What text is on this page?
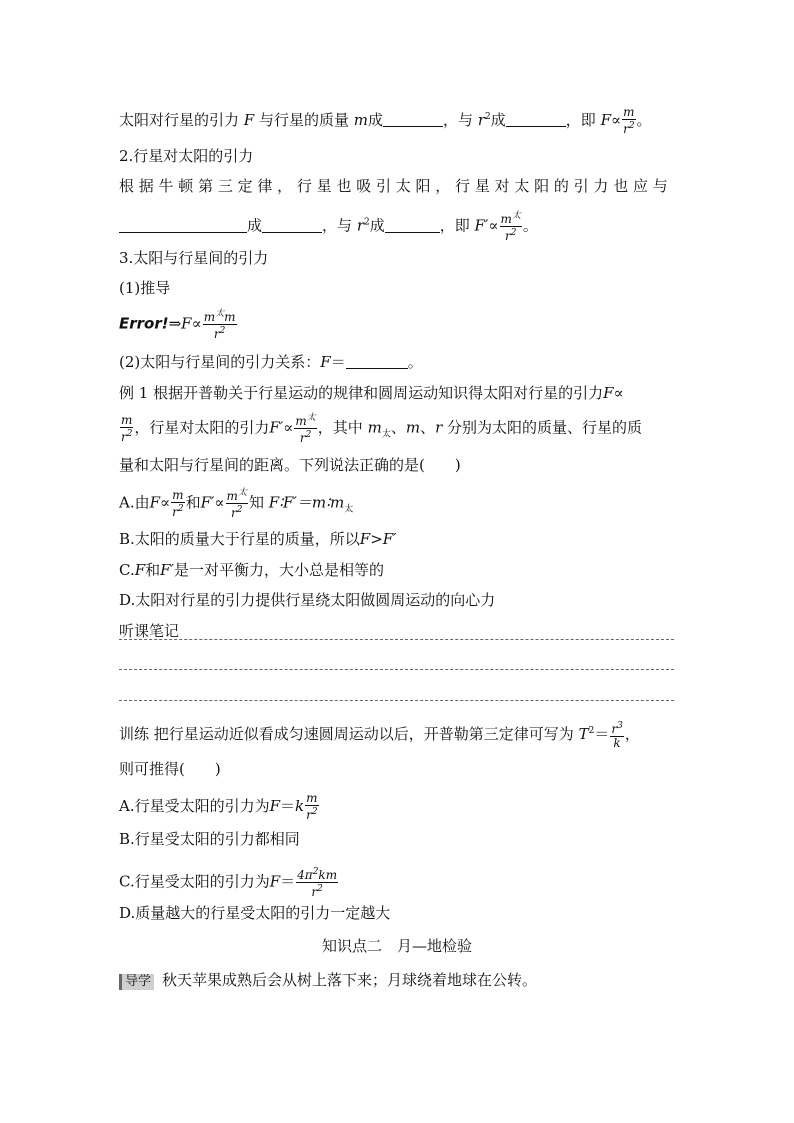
太阳对行星的引力 F 与行星的质量 m成	，与 $r^2$成	，即 $F\propto \frac{m}{r^2}$ 。
2.行星对太阳的引力
根 据 牛 顿 第 三 定 律 ， 行 星 也 吸 引 太 阳 ， 行 星 对 太 阳 的 引 力 也 应 与
成	，与 $r^2$成	，即 $F'\propto \frac{m^太}{r^2}$ 。
3.太阳与行星间的引力
(1)推导
Error!⇒F∝ $\frac{m^太m}{r^2}$
(2)太阳与行星间的引力关系：F＝	。
例 1 根据开普勒关于行星运动的规律和圆周运动知识得太阳对行星的引力F∝
$\frac{m}{r^2}$ ，行星对太阳的引力$F'\propto \frac{m^太}{r^2}$ ，其中 $m_太$、m、r 分别为太阳的质量、行星的质
量和太阳与行星间的距离。下列说法正确的是(　　)
A.由$F\propto \frac{m}{r^2}$ 和$F'\propto \frac{m^太}{r^2}$ 知 $F∶F'=m∶m_太$
B.太阳的质量大于行星的质量，所以F>F′
C.F和F′是一对平衡力，大小总是相等的
D.太阳对行星的引力提供行星绕太阳做圆周运动的向心力
听课笔记
训练 把行星运动近似看成匀速圆周运动以后，开普勒第三定律可写为 $T^2= \frac{r^3}{k}$ ，
则可推得(　　)
A.行星受太阳的引力为$F=k \frac{m}{r^2}$
B.行星受太阳的引力都相同
C.行星受太阳的引力为$F= \frac{4\pi^2km}{r^2}$
D.质量越大的行星受太阳的引力一定越大
知识点二　月—地检验
导学 秋天苹果成熟后会从树上落下来；月球绕着地球在公转。
